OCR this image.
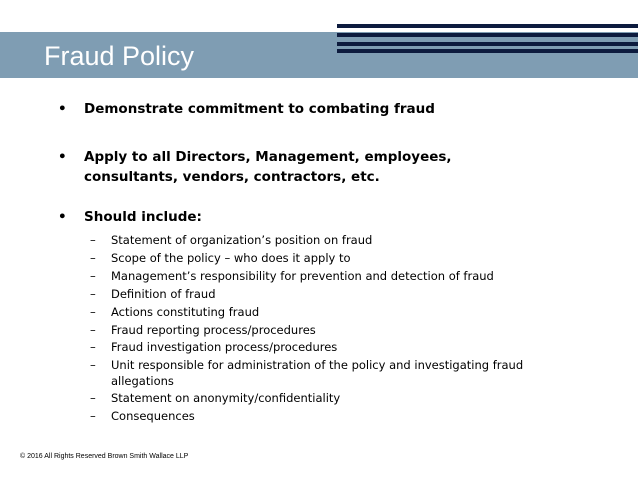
Fraud Policy
•	Demonstrate commitment to combating fraud
•	Apply to all Directors, Management, employees,
consultants, vendors, contractors, etc.
•	Should include:
– Statement of organization’s position on fraud
– Scope of the policy – who does it apply to
– Management’s responsibility for prevention and detection of fraud
– Definition of fraud
– Actions constituting fraud
– Fraud reporting process/procedures
– Fraud investigation process/procedures
– Unit responsible for administration of the policy and investigating fraud
allegations
– Statement on anonymity/confidentiality
– Consequences
© 2016 All Rights Reserved Brown Smith Wallace LLP
